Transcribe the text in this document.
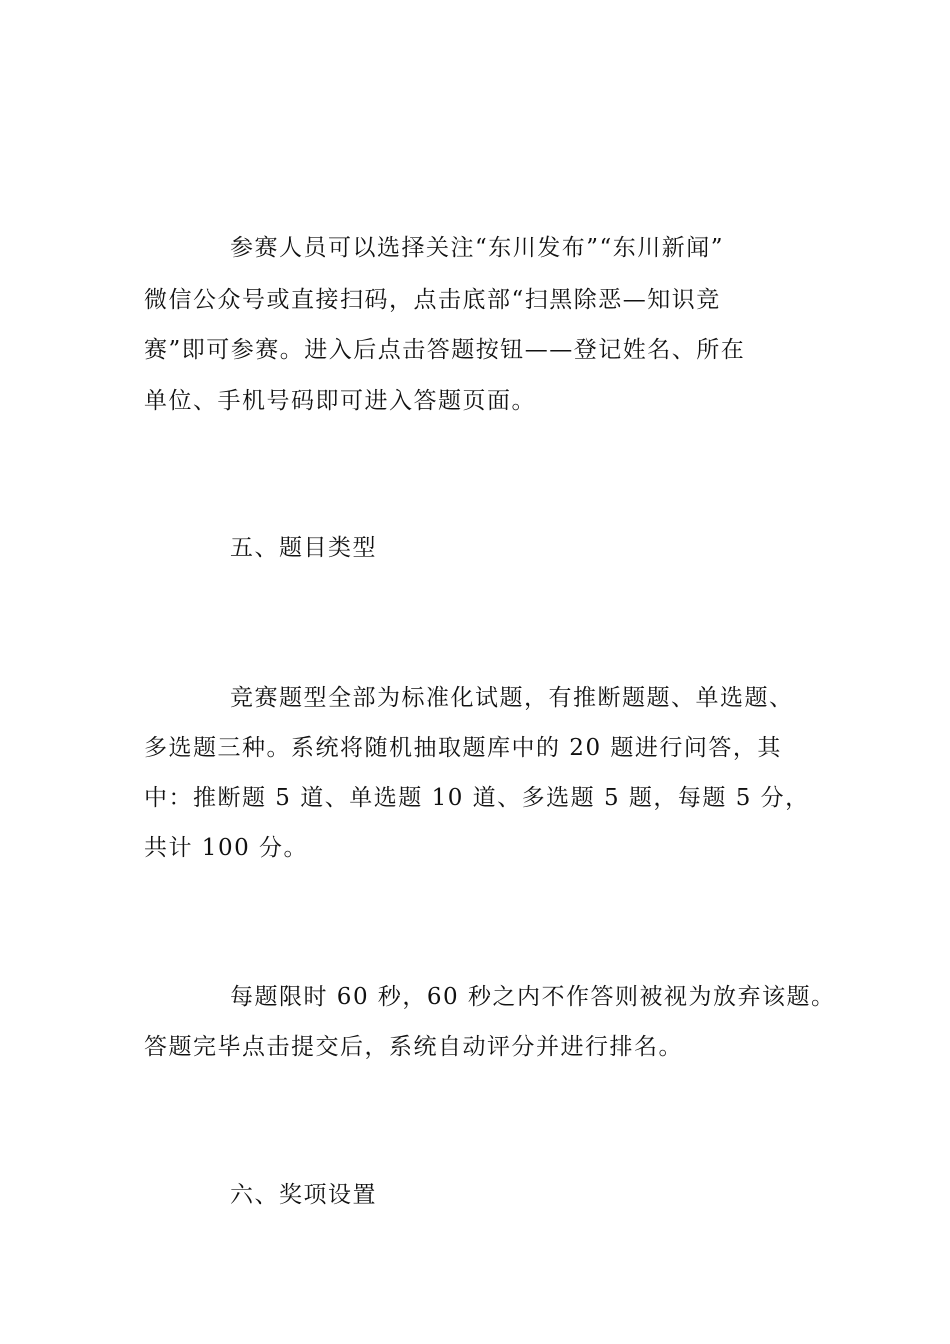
参赛人员可以选择关注“东川发布”“东川新闻”
微信公众号或直接扫码，点击底部“扫黑除恶—知识竞
赛”即可参赛。进入后点击答题按钮——登记姓名、所在
单位、手机号码即可进入答题页面。
五、题目类型
竞赛题型全部为标准化试题，有推断题题、单选题、
多选题三种。系统将随机抽取题库中的 20 题进行问答，其
中：推断题 5 道、单选题 10 道、多选题 5 题，每题 5 分，
共计 100 分。
每题限时 60 秒，60 秒之内不作答则被视为放弃该题。
答题完毕点击提交后，系统自动评分并进行排名。
六、奖项设置
